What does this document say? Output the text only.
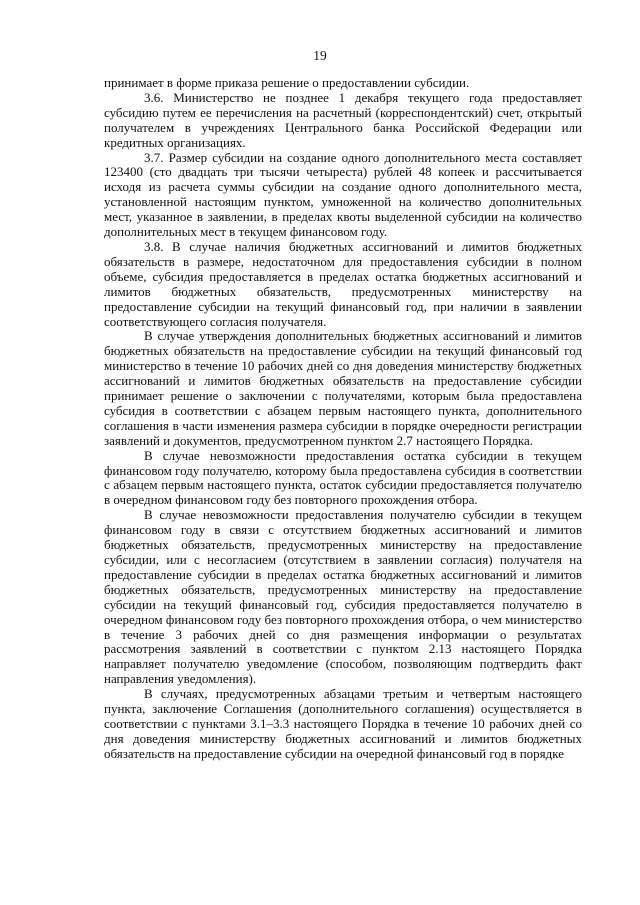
19

принимает в форме приказа решение о предоставлении субсидии.

3.6. Министерство не позднее 1 декабря текущего года предоставляет субсидию путем ее перечисления на расчетный (корреспондентский) счет, открытый получателем в учреждениях Центрального банка Российской Федерации или кредитных организациях.

3.7. Размер субсидии на создание одного дополнительного места составляет 123400 (сто двадцать три тысячи четыреста) рублей 48 копеек и рассчитывается исходя из расчета суммы субсидии на создание одного дополнительного места, установленной настоящим пунктом, умноженной на количество дополнительных мест, указанное в заявлении, в пределах квоты выделенной субсидии на количество дополнительных мест в текущем финансовом году.

3.8. В случае наличия бюджетных ассигнований и лимитов бюджетных обязательств в размере, недостаточном для предоставления субсидии в полном объеме, субсидия предоставляется в пределах остатка бюджетных ассигнований и лимитов бюджетных обязательств, предусмотренных министерству на предоставление субсидии на текущий финансовый год, при наличии в заявлении соответствующего согласия получателя.

В случае утверждения дополнительных бюджетных ассигнований и лимитов бюджетных обязательств на предоставление субсидии на текущий финансовый год министерство в течение 10 рабочих дней со дня доведения министерству бюджетных ассигнований и лимитов бюджетных обязательств на предоставление субсидии принимает решение о заключении с получателями, которым была предоставлена субсидия в соответствии с абзацем первым настоящего пункта, дополнительного соглашения в части изменения размера субсидии в порядке очередности регистрации заявлений и документов, предусмотренном пунктом 2.7 настоящего Порядка.

В случае невозможности предоставления остатка субсидии в текущем финансовом году получателю, которому была предоставлена субсидия в соответствии с абзацем первым настоящего пункта, остаток субсидии предоставляется получателю в очередном финансовом году без повторного прохождения отбора.

В случае невозможности предоставления получателю субсидии в текущем финансовом году в связи с отсутствием бюджетных ассигнований и лимитов бюджетных обязательств, предусмотренных министерству на предоставление субсидии, или с несогласием (отсутствием в заявлении согласия) получателя на предоставление субсидии в пределах остатка бюджетных ассигнований и лимитов бюджетных обязательств, предусмотренных министерству на предоставление субсидии на текущий финансовый год, субсидия предоставляется получателю в очередном финансовом году без повторного прохождения отбора, о чем министерство в течение 3 рабочих дней со дня размещения информации о результатах рассмотрения заявлений в соответствии с пунктом 2.13 настоящего Порядка направляет получателю уведомление (способом, позволяющим подтвердить факт направления уведомления).

В случаях, предусмотренных абзацами третьим и четвертым настоящего пункта, заключение Соглашения (дополнительного соглашения) осуществляется в соответствии с пунктами 3.1–3.3 настоящего Порядка в течение 10 рабочих дней со дня доведения министерству бюджетных ассигнований и лимитов бюджетных обязательств на предоставление субсидии на очередной финансовый год в порядке
